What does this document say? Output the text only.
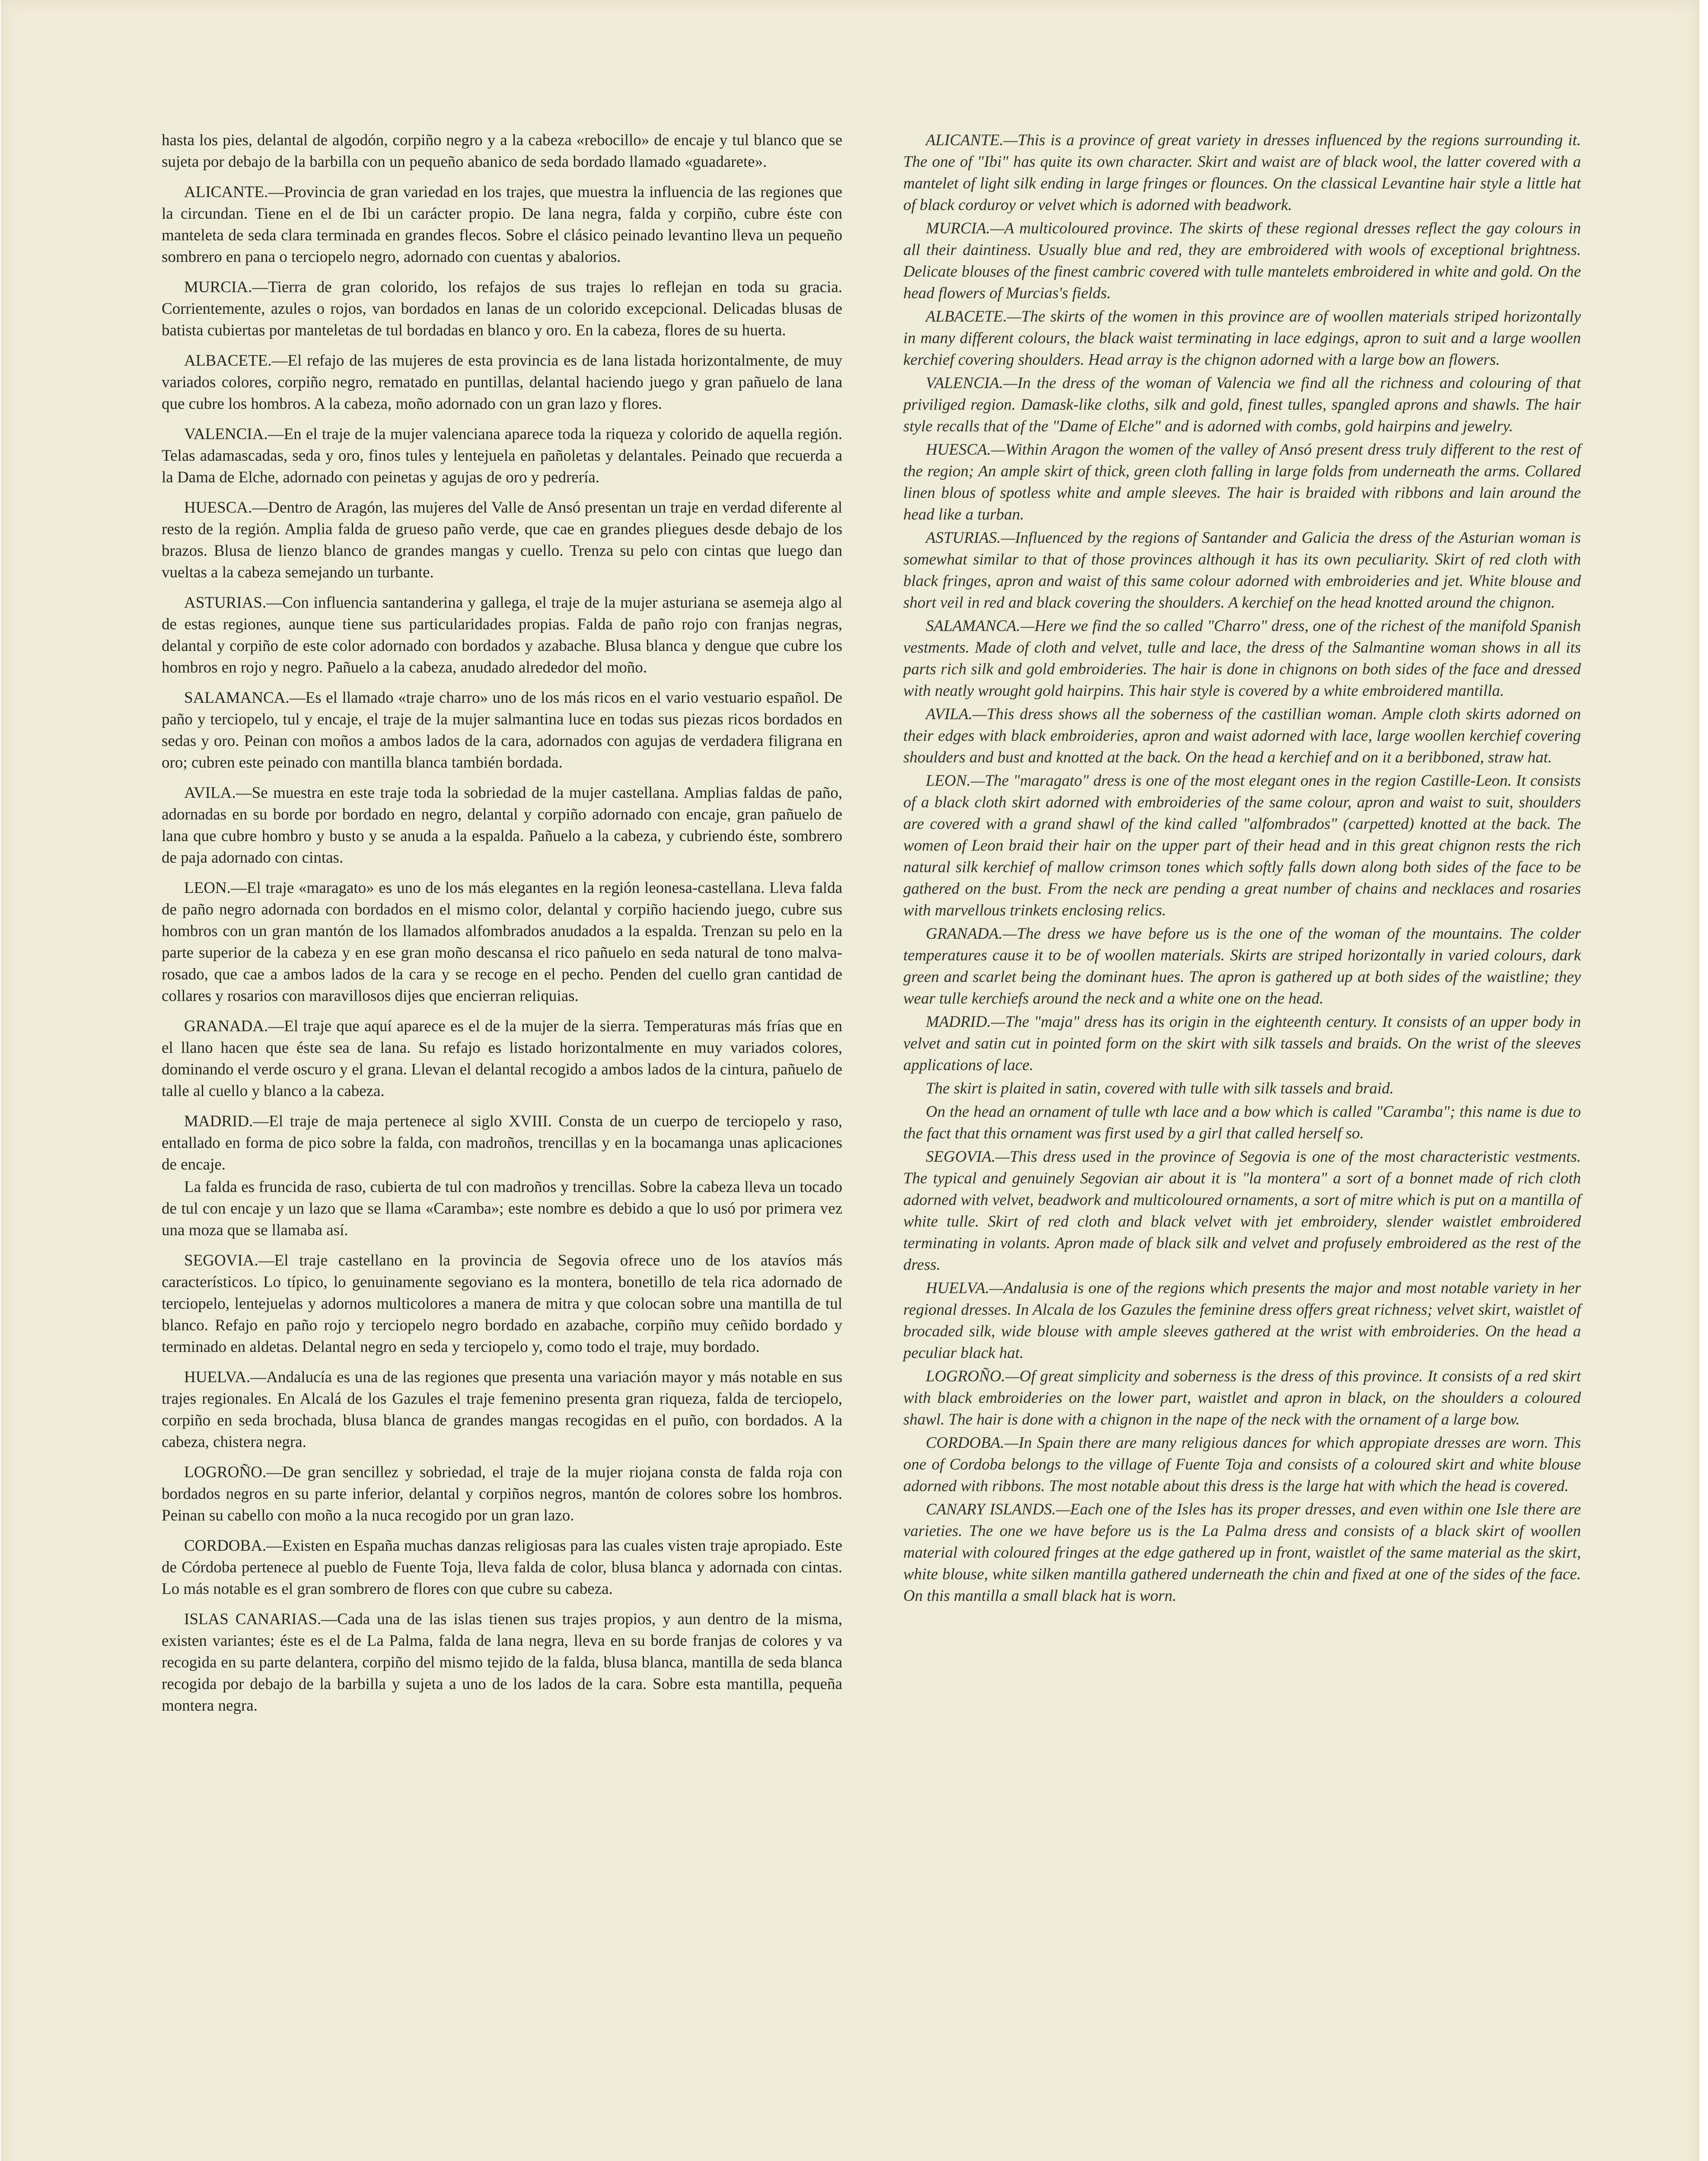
hasta los pies, delantal de algodón, corpiño negro y a la cabeza «rebocillo» de encaje y tul blanco que se sujeta por debajo de la barbilla con un pequeño abanico de seda bordado llamado «guadarete».

ALICANTE.—Provincia de gran variedad en los trajes, que muestra la influencia de las regiones que la circundan. Tiene en el de Ibi un carácter propio. De lana negra, falda y corpiño, cubre éste con manteleta de seda clara terminada en grandes flecos. Sobre el clásico peinado levantino lleva un pequeño sombrero en pana o terciopelo negro, adornado con cuentas y abalorios.

MURCIA.—Tierra de gran colorido, los refajos de sus trajes lo reflejan en toda su gracia. Corrientemente, azules o rojos, van bordados en lanas de un colorido excepcional. Delicadas blusas de batista cubiertas por manteletas de tul bordadas en blanco y oro. En la cabeza, flores de su huerta.

ALBACETE.—El refajo de las mujeres de esta provincia es de lana listada horizontalmente, de muy variados colores, corpiño negro, rematado en puntillas, delantal haciendo juego y gran pañuelo de lana que cubre los hombros. A la cabeza, moño adornado con un gran lazo y flores.

VALENCIA.—En el traje de la mujer valenciana aparece toda la riqueza y colorido de aquella región. Telas adamascadas, seda y oro, finos tules y lentejuela en pañoletas y delantales. Peinado que recuerda a la Dama de Elche, adornado con peinetas y agujas de oro y pedrería.

HUESCA.—Dentro de Aragón, las mujeres del Valle de Ansó presentan un traje en verdad diferente al resto de la región. Amplia falda de grueso paño verde, que cae en grandes pliegues desde debajo de los brazos. Blusa de lienzo blanco de grandes mangas y cuello. Trenza su pelo con cintas que luego dan vueltas a la cabeza semejando un turbante.

ASTURIAS.—Con influencia santanderina y gallega, el traje de la mujer asturiana se asemeja algo al de estas regiones, aunque tiene sus particularidades propias. Falda de paño rojo con franjas negras, delantal y corpiño de este color adornado con bordados y azabache. Blusa blanca y dengue que cubre los hombros en rojo y negro. Pañuelo a la cabeza, anudado alrededor del moño.

SALAMANCA.—Es el llamado «traje charro» uno de los más ricos en el vario vestuario español. De paño y terciopelo, tul y encaje, el traje de la mujer salmantina luce en todas sus piezas ricos bordados en sedas y oro. Peinan con moños a ambos lados de la cara, adornados con agujas de verdadera filigrana en oro; cubren este peinado con mantilla blanca también bordada.

AVILA.—Se muestra en este traje toda la sobriedad de la mujer castellana. Amplias faldas de paño, adornadas en su borde por bordado en negro, delantal y corpiño adornado con encaje, gran pañuelo de lana que cubre hombro y busto y se anuda a la espalda. Pañuelo a la cabeza, y cubriendo éste, sombrero de paja adornado con cintas.

LEON.—El traje «maragato» es uno de los más elegantes en la región leonesa-castellana. Lleva falda de paño negro adornada con bordados en el mismo color, delantal y corpiño haciendo juego, cubre sus hombros con un gran mantón de los llamados alfombrados anudados a la espalda. Trenzan su pelo en la parte superior de la cabeza y en ese gran moño descansa el rico pañuelo en seda natural de tono malva-rosado, que cae a ambos lados de la cara y se recoge en el pecho. Penden del cuello gran cantidad de collares y rosarios con maravillosos dijes que encierran reliquias.

GRANADA.—El traje que aquí aparece es el de la mujer de la sierra. Temperaturas más frías que en el llano hacen que éste sea de lana. Su refajo es listado horizontalmente en muy variados colores, dominando el verde oscuro y el grana. Llevan el delantal recogido a ambos lados de la cintura, pañuelo de talle al cuello y blanco a la cabeza.

MADRID.—El traje de maja pertenece al siglo XVIII. Consta de un cuerpo de terciopelo y raso, entallado en forma de pico sobre la falda, con madroños, trencillas y en la bocamanga unas aplicaciones de encaje.

La falda es fruncida de raso, cubierta de tul con madroños y trencillas. Sobre la cabeza lleva un tocado de tul con encaje y un lazo que se llama «Caramba»; este nombre es debido a que lo usó por primera vez una moza que se llamaba así.

SEGOVIA.—El traje castellano en la provincia de Segovia ofrece uno de los atavíos más característicos. Lo típico, lo genuinamente segoviano es la montera, bonetillo de tela rica adornado de terciopelo, lentejuelas y adornos multicolores a manera de mitra y que colocan sobre una mantilla de tul blanco. Refajo en paño rojo y terciopelo negro bordado en azabache, corpiño muy ceñido bordado y terminado en aldetas. Delantal negro en seda y terciopelo y, como todo el traje, muy bordado.

HUELVA.—Andalucía es una de las regiones que presenta una variación mayor y más notable en sus trajes regionales. En Alcalá de los Gazules el traje femenino presenta gran riqueza, falda de terciopelo, corpiño en seda brochada, blusa blanca de grandes mangas recogidas en el puño, con bordados. A la cabeza, chistera negra.

LOGROÑO.—De gran sencillez y sobriedad, el traje de la mujer riojana consta de falda roja con bordados negros en su parte inferior, delantal y corpiños negros, mantón de colores sobre los hombros. Peinan su cabello con moño a la nuca recogido por un gran lazo.

CORDOBA.—Existen en España muchas danzas religiosas para las cuales visten traje apropiado. Este de Córdoba pertenece al pueblo de Fuente Toja, lleva falda de color, blusa blanca y adornada con cintas. Lo más notable es el gran sombrero de flores con que cubre su cabeza.

ISLAS CANARIAS.—Cada una de las islas tienen sus trajes propios, y aun dentro de la misma, existen variantes; éste es el de La Palma, falda de lana negra, lleva en su borde franjas de colores y va recogida en su parte delantera, corpiño del mismo tejido de la falda, blusa blanca, mantilla de seda blanca recogida por debajo de la barbilla y sujeta a uno de los lados de la cara. Sobre esta mantilla, pequeña montera negra.

ALICANTE.—This is a province of great variety in dresses influenced by the regions surrounding it. The one of "Ibi" has quite its own character. Skirt and waist are of black wool, the latter covered with a mantelet of light silk ending in large fringes or flounces. On the classical Levantine hair style a little hat of black corduroy or velvet which is adorned with beadwork.

MURCIA.—A multicoloured province. The skirts of these regional dresses reflect the gay colours in all their daintiness. Usually blue and red, they are embroidered with wools of exceptional brightness. Delicate blouses of the finest cambric covered with tulle mantelets embroidered in white and gold. On the head flowers of Murcias's fields.

ALBACETE.—The skirts of the women in this province are of woollen materials striped horizontally in many different colours, the black waist terminating in lace edgings, apron to suit and a large woollen kerchief covering shoulders. Head array is the chignon adorned with a large bow an flowers.

VALENCIA.—In the dress of the woman of Valencia we find all the richness and colouring of that priviliged region. Damask-like cloths, silk and gold, finest tulles, spangled aprons and shawls. The hair style recalls that of the "Dame of Elche" and is adorned with combs, gold hairpins and jewelry.

HUESCA.—Within Aragon the women of the valley of Ansó present dress truly different to the rest of the region; An ample skirt of thick, green cloth falling in large folds from underneath the arms. Collared linen blous of spotless white and ample sleeves. The hair is braided with ribbons and lain around the head like a turban.

ASTURIAS.—Influenced by the regions of Santander and Galicia the dress of the Asturian woman is somewhat similar to that of those provinces although it has its own peculiarity. Skirt of red cloth with black fringes, apron and waist of this same colour adorned with embroideries and jet. White blouse and short veil in red and black covering the shoulders. A kerchief on the head knotted around the chignon.

SALAMANCA.—Here we find the so called "Charro" dress, one of the richest of the manifold Spanish vestments. Made of cloth and velvet, tulle and lace, the dress of the Salmantine woman shows in all its parts rich silk and gold embroideries. The hair is done in chignons on both sides of the face and dressed with neatly wrought gold hairpins. This hair style is covered by a white embroidered mantilla.

AVILA.—This dress shows all the soberness of the castillian woman. Ample cloth skirts adorned on their edges with black embroideries, apron and waist adorned with lace, large woollen kerchief covering shoulders and bust and knotted at the back. On the head a kerchief and on it a beribboned, straw hat.

LEON.—The "maragato" dress is one of the most elegant ones in the region Castille-Leon. It consists of a black cloth skirt adorned with embroideries of the same colour, apron and waist to suit, shoulders are covered with a grand shawl of the kind called "alfombrados" (carpetted) knotted at the back. The women of Leon braid their hair on the upper part of their head and in this great chignon rests the rich natural silk kerchief of mallow crimson tones which softly falls down along both sides of the face to be gathered on the bust. From the neck are pending a great number of chains and necklaces and rosaries with marvellous trinkets enclosing relics.

GRANADA.—The dress we have before us is the one of the woman of the mountains. The colder temperatures cause it to be of woollen materials. Skirts are striped horizontally in varied colours, dark green and scarlet being the dominant hues. The apron is gathered up at both sides of the waistline; they wear tulle kerchiefs around the neck and a white one on the head.

MADRID.—The "maja" dress has its origin in the eighteenth century. It consists of an upper body in velvet and satin cut in pointed form on the skirt with silk tassels and braids. On the wrist of the sleeves applications of lace.

The skirt is plaited in satin, covered with tulle with silk tassels and braid.

On the head an ornament of tulle wth lace and a bow which is called "Caramba"; this name is due to the fact that this ornament was first used by a girl that called herself so.

SEGOVIA.—This dress used in the province of Segovia is one of the most characteristic vestments. The typical and genuinely Segovian air about it is "la montera" a sort of a bonnet made of rich cloth adorned with velvet, beadwork and multicoloured ornaments, a sort of mitre which is put on a mantilla of white tulle. Skirt of red cloth and black velvet with jet embroidery, slender waistlet embroidered terminating in volants. Apron made of black silk and velvet and profusely embroidered as the rest of the dress.

HUELVA.—Andalusia is one of the regions which presents the major and most notable variety in her regional dresses. In Alcala de los Gazules the feminine dress offers great richness; velvet skirt, waistlet of brocaded silk, wide blouse with ample sleeves gathered at the wrist with embroideries. On the head a peculiar black hat.

LOGROÑO.—Of great simplicity and soberness is the dress of this province. It consists of a red skirt with black embroideries on the lower part, waistlet and apron in black, on the shoulders a coloured shawl. The hair is done with a chignon in the nape of the neck with the ornament of a large bow.

CORDOBA.—In Spain there are many religious dances for which appropiate dresses are worn. This one of Cordoba belongs to the village of Fuente Toja and consists of a coloured skirt and white blouse adorned with ribbons. The most notable about this dress is the large hat with which the head is covered.

CANARY ISLANDS.—Each one of the Isles has its proper dresses, and even within one Isle there are varieties. The one we have before us is the La Palma dress and consists of a black skirt of woollen material with coloured fringes at the edge gathered up in front, waistlet of the same material as the skirt, white blouse, white silken mantilla gathered underneath the chin and fixed at one of the sides of the face. On this mantilla a small black hat is worn.
